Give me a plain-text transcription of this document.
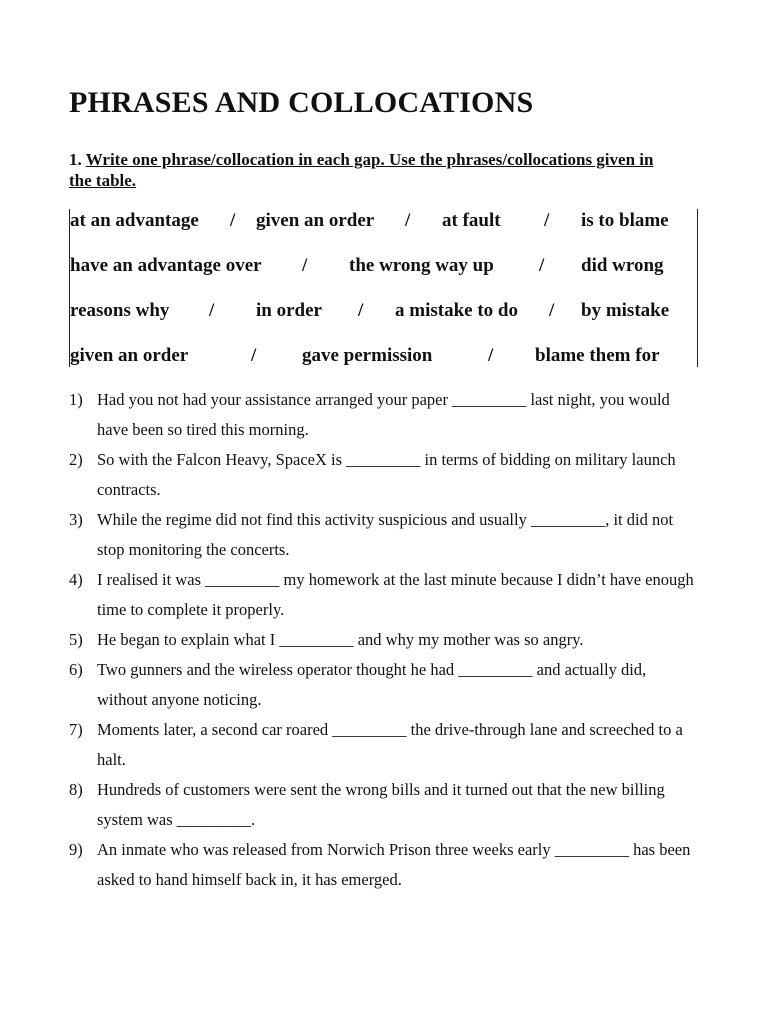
PHRASES AND COLLOCATIONS
1. Write one phrase/collocation in each gap. Use the phrases/collocations given in the table.
at an advantage / given an order / at fault / is to blame
have an advantage over / the wrong way up / did wrong
reasons why / in order / a mistake to do / by mistake
given an order	/ gave permission	/ blame them for
1) Had you not had your assistance arranged your paper _________ last night, you would have been so tired this morning.
2) So with the Falcon Heavy, SpaceX is _________ in terms of bidding on military launch contracts.
3) While the regime did not find this activity suspicious and usually _________, it did not stop monitoring the concerts.
4) I realised it was _________ my homework at the last minute because I didn’t have enough time to complete it properly.
5) He began to explain what I _________ and why my mother was so angry.
6) Two gunners and the wireless operator thought he had _________ and actually did, without anyone noticing.
7) Moments later, a second car roared _________ the drive-through lane and screeched to a halt.
8) Hundreds of customers were sent the wrong bills and it turned out that the new billing system was _________.
9) An inmate who was released from Norwich Prison three weeks early _________ has been asked to hand himself back in, it has emerged.
